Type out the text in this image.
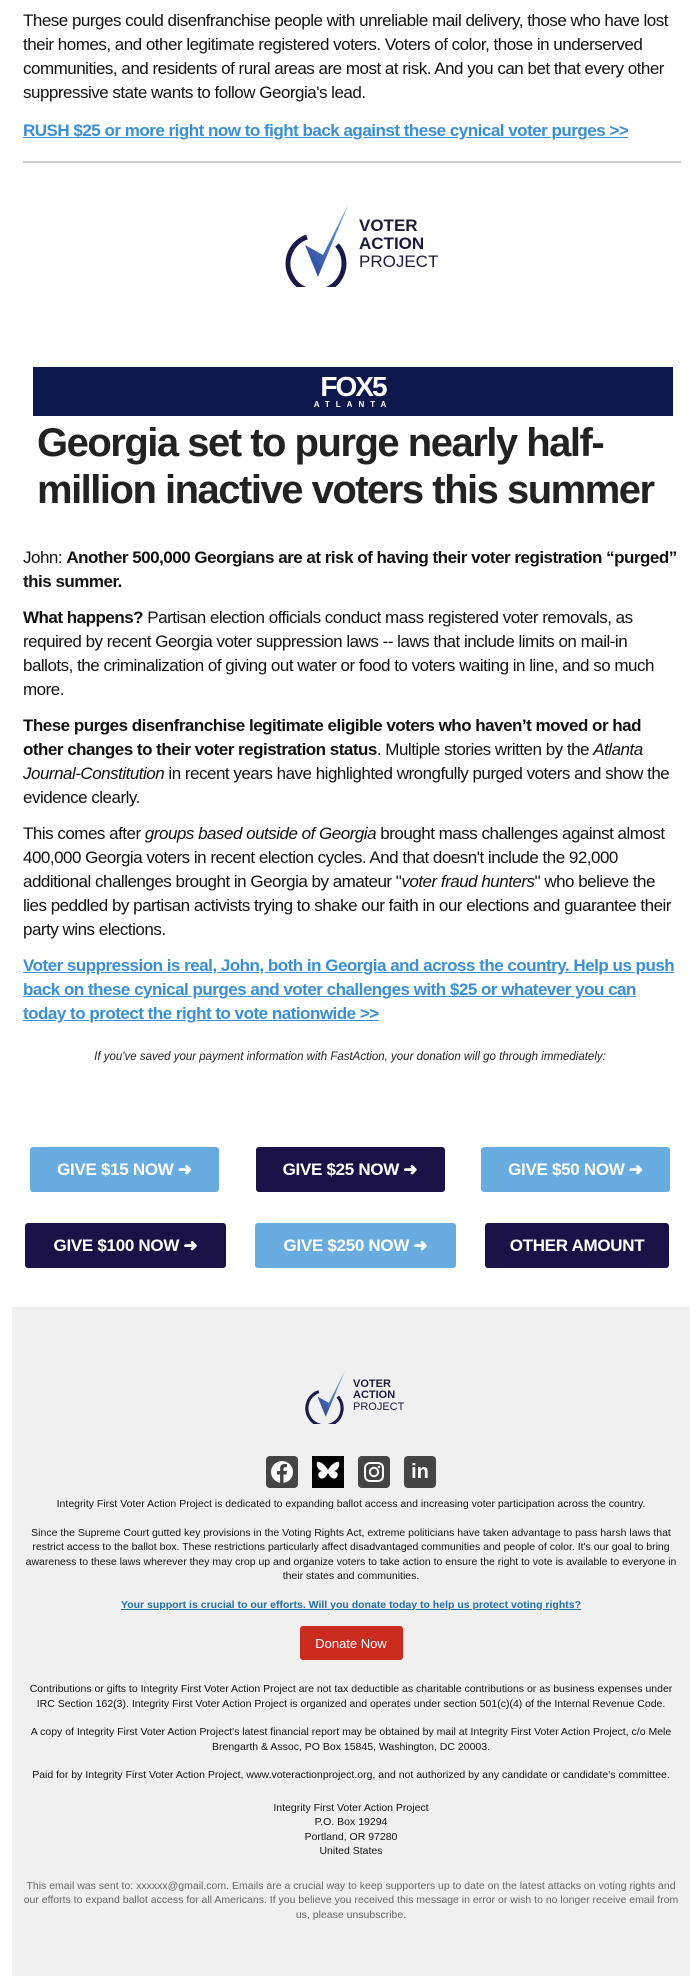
These purges could disenfranchise people with unreliable mail delivery, those who have lost their homes, and other legitimate registered voters. Voters of color, those in underserved communities, and residents of rural areas are most at risk. And you can bet that every other suppressive state wants to follow Georgia's lead.

RUSH $25 or more right now to fight back against these cynical voter purges >>
VOTER
ACTION
PROJECT
FOX5
ATLANTA
Georgia set to purge nearly half-million inactive voters this summer

John: Another 500,000 Georgians are at risk of having their voter registration “purged” this summer.

What happens? Partisan election officials conduct mass registered voter removals, as required by recent Georgia voter suppression laws -- laws that include limits on mail-in ballots, the criminalization of giving out water or food to voters waiting in line, and so much more.

These purges disenfranchise legitimate eligible voters who haven’t moved or had other changes to their voter registration status. Multiple stories written by the Atlanta Journal-Constitution in recent years have highlighted wrongfully purged voters and show the evidence clearly.

This comes after groups based outside of Georgia brought mass challenges against almost 400,000 Georgia voters in recent election cycles. And that doesn't include the 92,000 additional challenges brought in Georgia by amateur "voter fraud hunters" who believe the lies peddled by partisan activists trying to shake our faith in our elections and guarantee their party wins elections.

Voter suppression is real, John, both in Georgia and across the country. Help us push back on these cynical purges and voter challenges with $25 or whatever you can today to protect the right to vote nationwide >>
If you've saved your payment information with FastAction, your donation will go through immediately:
GIVE $15 NOW ➜	GIVE $25 NOW ➜	GIVE $50 NOW ➜
GIVE $100 NOW ➜	GIVE $250 NOW ➜	OTHER AMOUNT
VOTER
ACTION
PROJECT
in
Integrity First Voter Action Project is dedicated to expanding ballot access and increasing voter participation across the country.
Since the Supreme Court gutted key provisions in the Voting Rights Act, extreme politicians have taken advantage to pass harsh laws that restrict access to the ballot box. These restrictions particularly affect disadvantaged communities and people of color. It's our goal to bring awareness to these laws wherever they may crop up and organize voters to take action to ensure the right to vote is available to everyone in their states and communities.
Your support is crucial to our efforts. Will you donate today to help us protect voting rights?
Donate Now
Contributions or gifts to Integrity First Voter Action Project are not tax deductible as charitable contributions or as business expenses under IRC Section 162(3). Integrity First Voter Action Project is organized and operates under section 501(c)(4) of the Internal Revenue Code.
A copy of Integrity First Voter Action Project's latest financial report may be obtained by mail at Integrity First Voter Action Project, c/o Mele Brengarth & Assoc, PO Box 15845, Washington, DC 20003.
Paid for by Integrity First Voter Action Project, www.voteractionproject.org, and not authorized by any candidate or candidate's committee.
Integrity First Voter Action Project
P.O. Box 19294
Portland, OR 97280
United States
This email was sent to: xxxxxx@gmail.com. Emails are a crucial way to keep supporters up to date on the latest attacks on voting rights and our efforts to expand ballot access for all Americans. If you believe you received this message in error or wish to no longer receive email from us, please unsubscribe.
